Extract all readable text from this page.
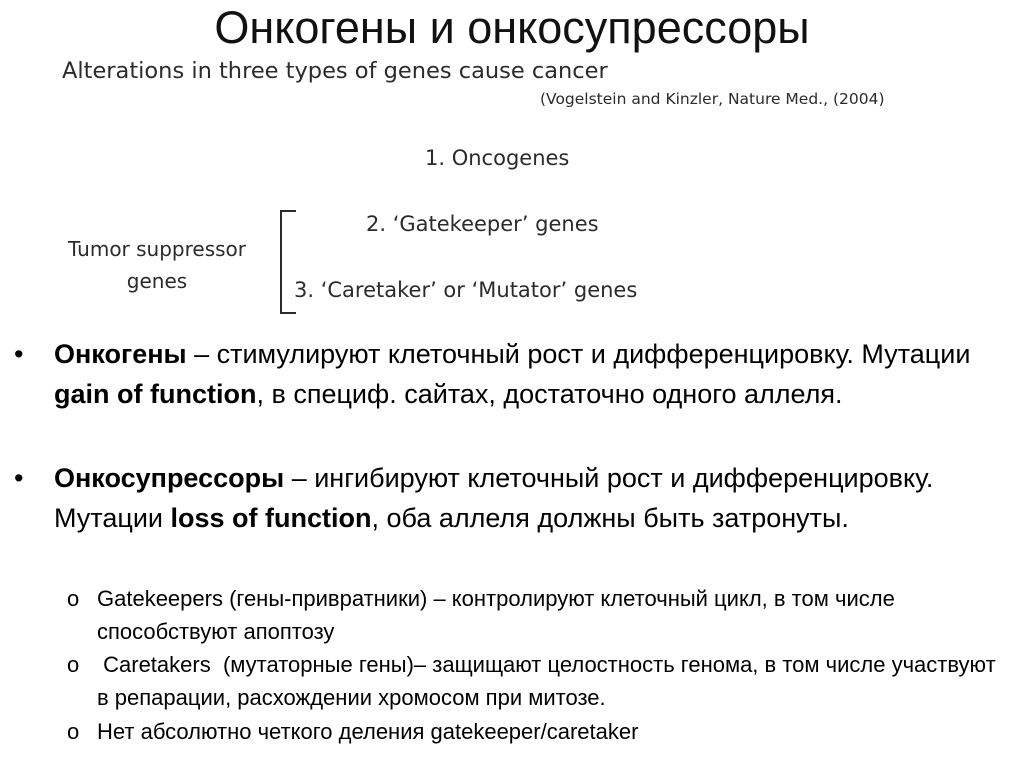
Онкогены и онкосупрессоры
Alterations in three types of genes cause cancer
(Vogelstein and Kinzler, Nature Med., (2004)
1. Oncogenes
2. ‘Gatekeeper’ genes
3. ‘Caretaker’ or ‘Mutator’ genes
Tumor suppressor
genes
• Онкогены – стимулируют клеточный рост и дифференцировку. Мутации gain of function, в специф. сайтах, достаточно одного аллеля.
• Онкосупрессоры – ингибируют клеточный рост и дифференцировку. Мутации loss of function, оба аллеля должны быть затронуты.
o Gatekeepers (гены-привратники) – контролируют клеточный цикл, в том числе способствуют апоптозу
o Caretakers  (мутаторные гены)– защищают целостность генома, в том числе участвуют в репарации, расхождении хромосом при митозе.
o Нет абсолютно четкого деления gatekeeper/caretaker
